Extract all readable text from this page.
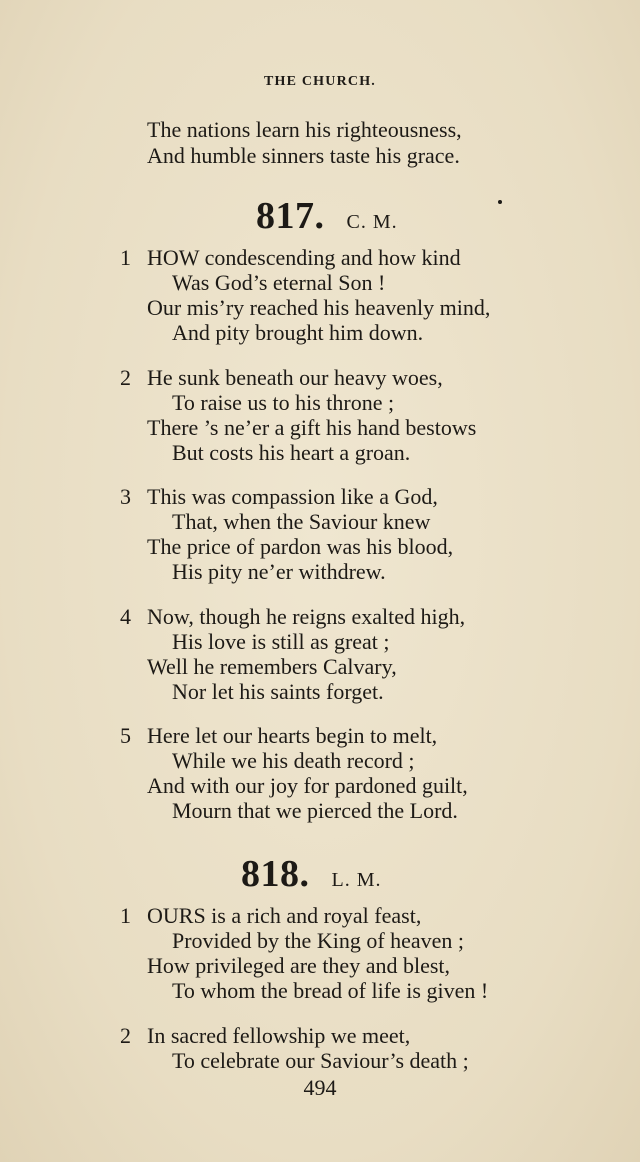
THE CHURCH.
The nations learn his righteousness,
And humble sinners taste his grace.
817. C. M.
1 HOW condescending and how kind
Was God’s eternal Son !
Our mis’ry reached his heavenly mind,
And pity brought him down.
2 He sunk beneath our heavy woes,
To raise us to his throne ;
There ’s ne’er a gift his hand bestows
But costs his heart a groan.
3 This was compassion like a God,
That, when the Saviour knew
The price of pardon was his blood,
His pity ne’er withdrew.
4 Now, though he reigns exalted high,
His love is still as great ;
Well he remembers Calvary,
Nor let his saints forget.
5 Here let our hearts begin to melt,
While we his death record ;
And with our joy for pardoned guilt,
Mourn that we pierced the Lord.
818. L. M.
1 OURS is a rich and royal feast,
Provided by the King of heaven ;
How privileged are they and blest,
To whom the bread of life is given !
2 In sacred fellowship we meet,
To celebrate our Saviour’s death ;
494
